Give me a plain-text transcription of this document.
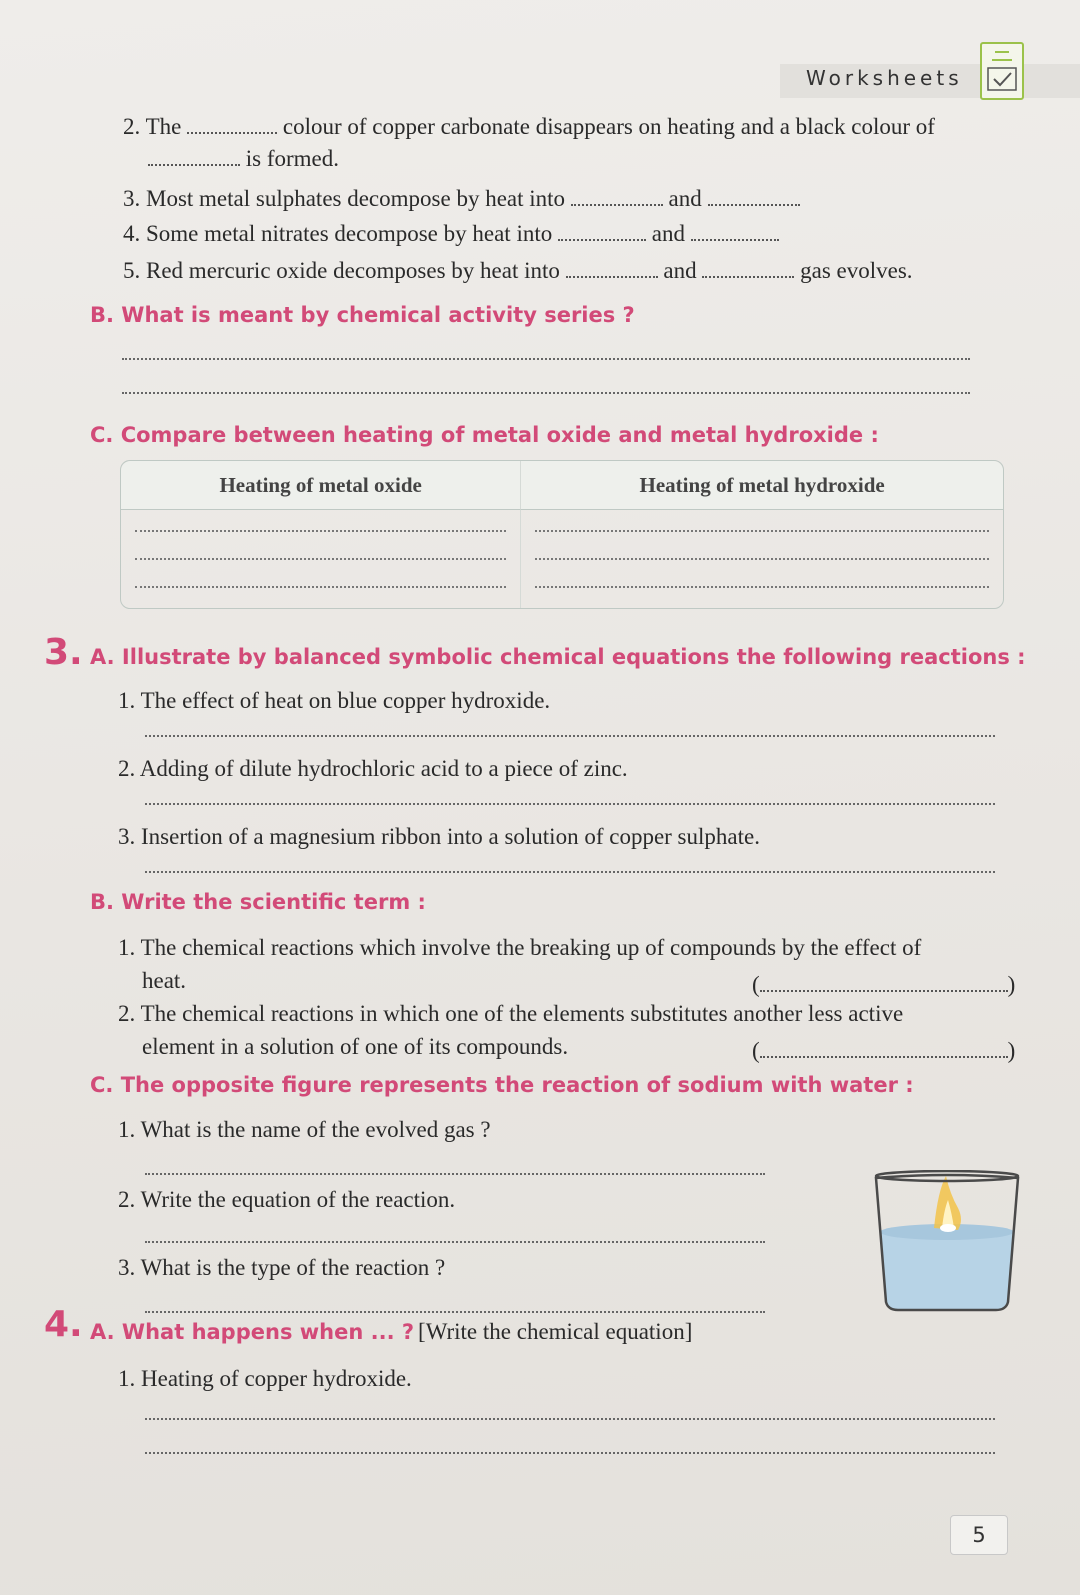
Worksheets
2. The	colour of copper carbonate disappears on heating and a black colour of
is formed.
3. Most metal sulphates decompose by heat into	and
4. Some metal nitrates decompose by heat into	and
5. Red mercuric oxide decomposes by heat into	and	gas evolves.
B. What is meant by chemical activity series ?
C. Compare between heating of metal oxide and metal hydroxide :
Heating of metal oxide	Heating of metal hydroxide

3. A. Illustrate by balanced symbolic chemical equations the following reactions :
1. The effect of heat on blue copper hydroxide.
2. Adding of dilute hydrochloric acid to a piece of zinc.
3. Insertion of a magnesium ribbon into a solution of copper sulphate.
B. Write the scientific term :
1. The chemical reactions which involve the breaking up of compounds by the effect of
heat.	(	)
2. The chemical reactions in which one of the elements substitutes another less active
element in a solution of one of its compounds.	(	)
C. The opposite figure represents the reaction of sodium with water :
1. What is the name of the evolved gas ?
2. Write the equation of the reaction.
3. What is the type of the reaction ?
4. A. What happens when ... ? [Write the chemical equation]
1. Heating of copper hydroxide.
5
